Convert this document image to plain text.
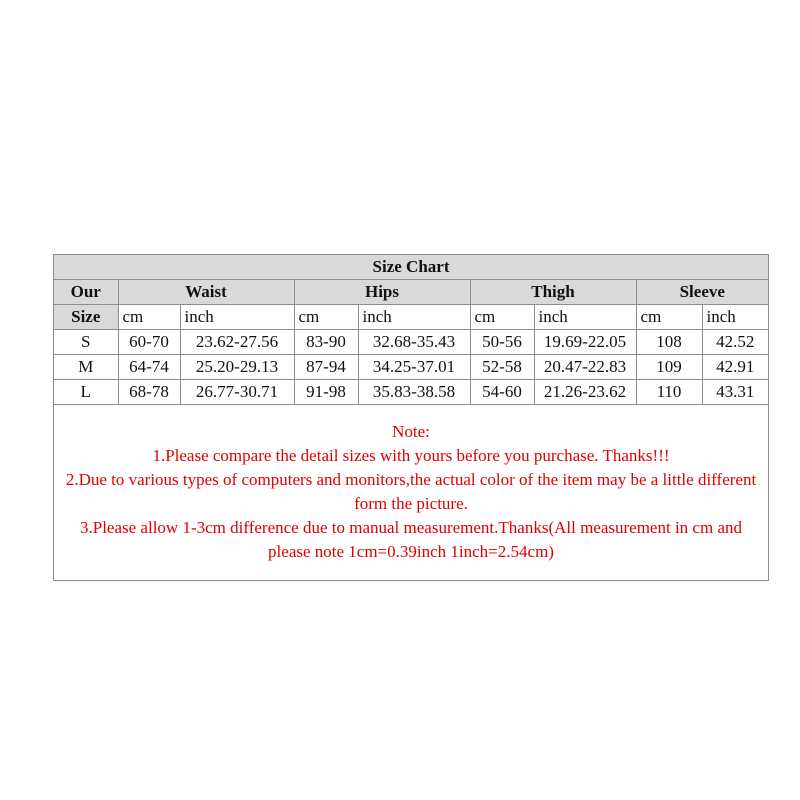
Size Chart								
Our	Waist		Hips		Thigh		Sleeve	
Size	cm	inch	cm	inch	cm	inch	cm	inch
S	60-70	23.62-27.56	83-90	32.68-35.43	50-56	19.69-22.05	108	42.52
M	64-74	25.20-29.13	87-94	34.25-37.01	52-58	20.47-22.83	109	42.91
L	68-78	26.77-30.71	91-98	35.83-38.58	54-60	21.26-23.62	110	43.31

Note:

1.Please compare the detail sizes with yours before you purchase. Thanks!!!

2.Due to various types of computers and monitors,the actual color of the item may be a little different form the picture.

3.Please allow 1-3cm difference due to manual measurement.Thanks(All measurement in cm and please note 1cm=0.39inch 1inch=2.54cm)
